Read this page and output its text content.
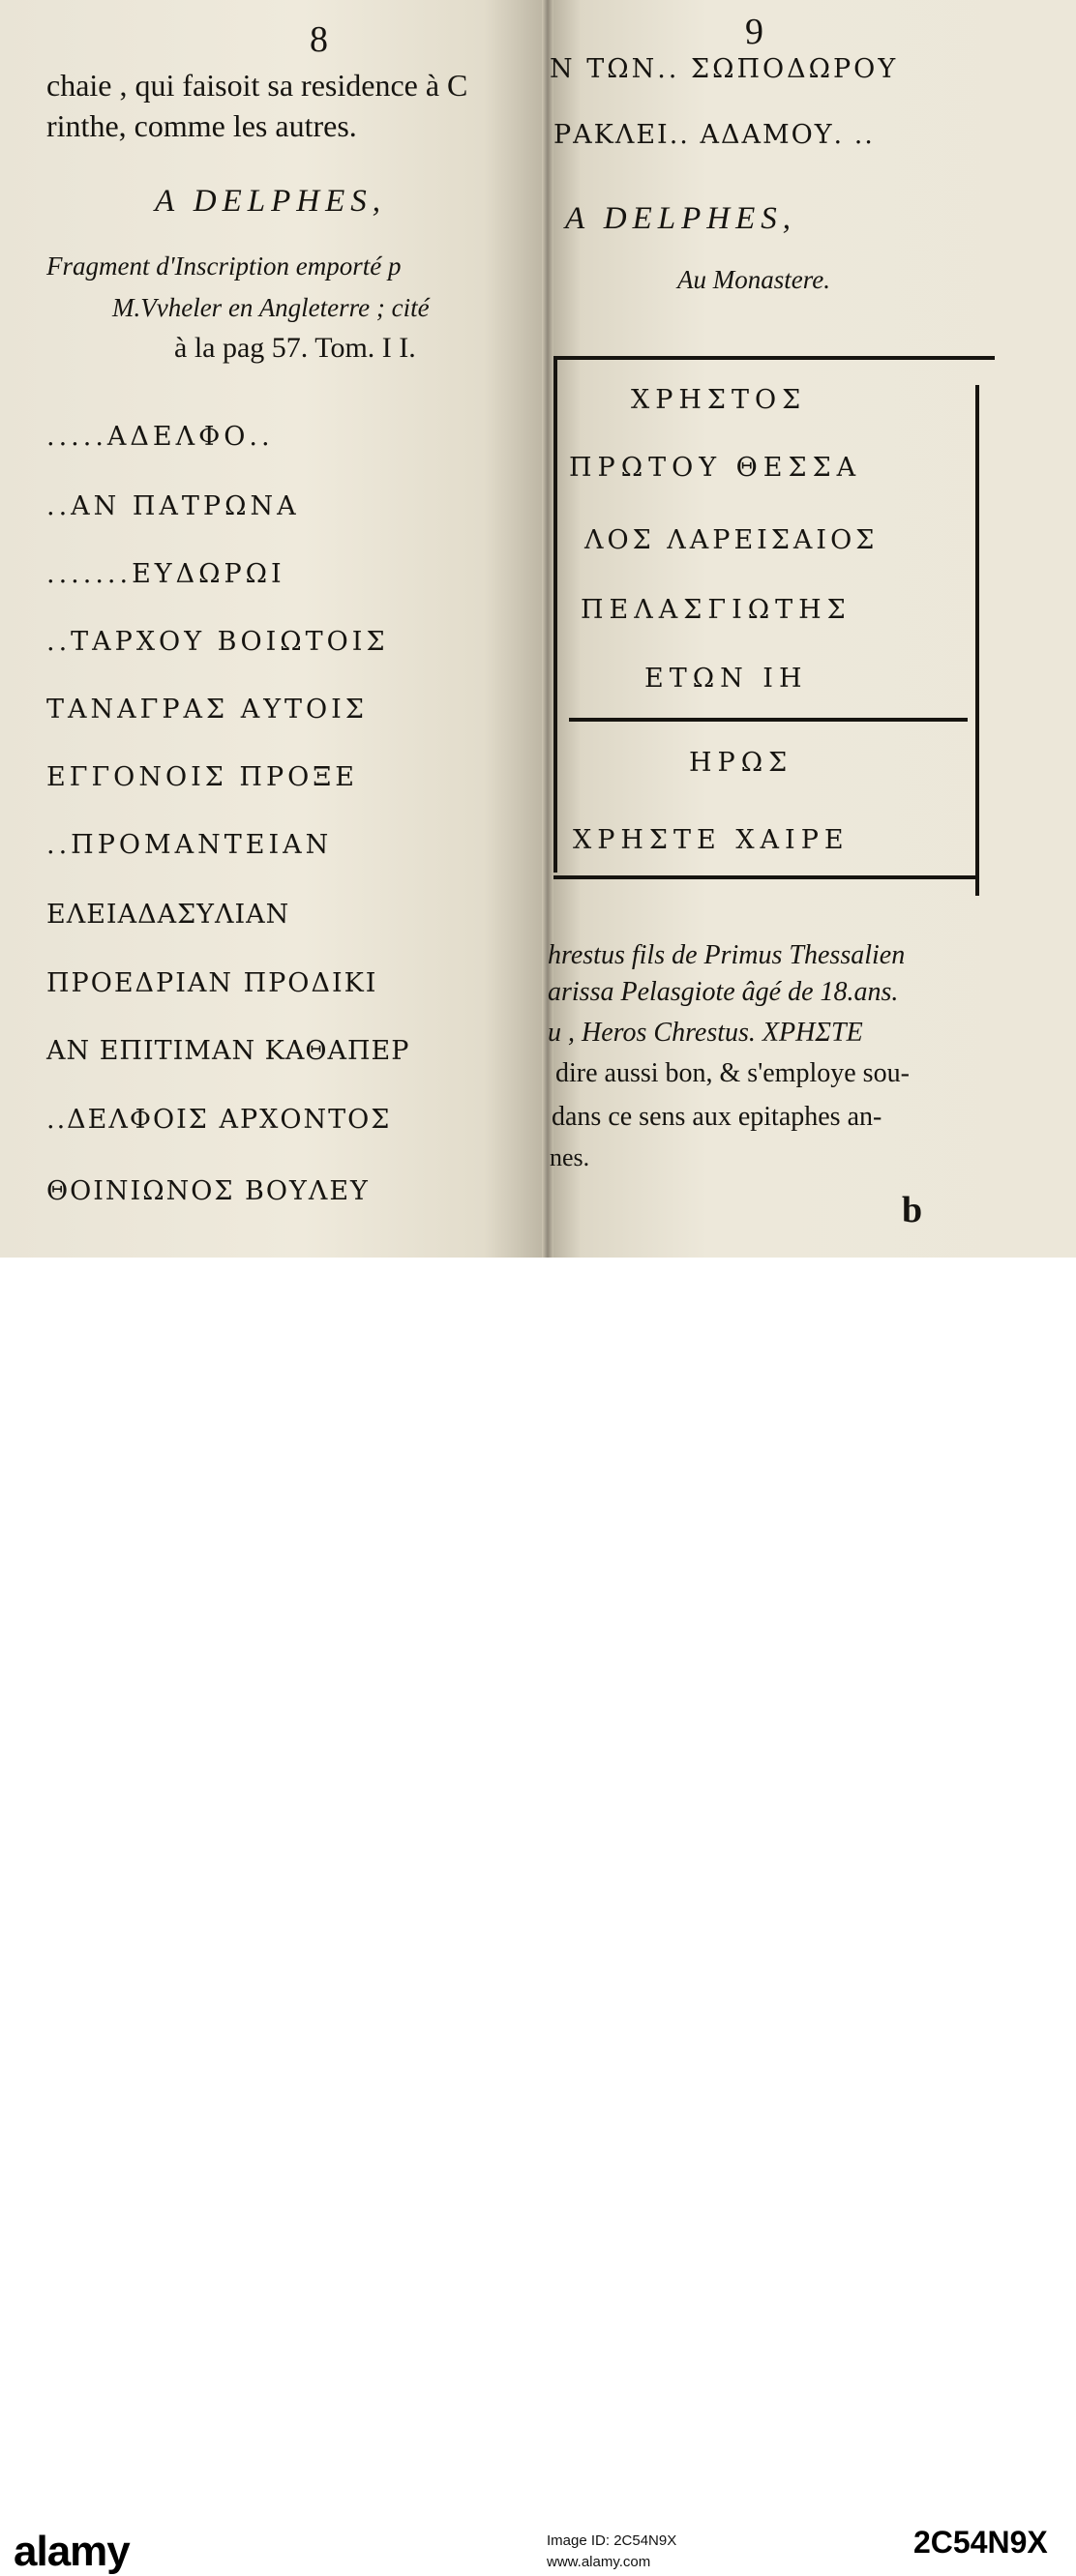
8
chaie , qui faisoit sa residence à C
rinthe, comme les autres.
A DELPHES,
Fragment d'Inscription emporté p
M.Vvheler en Angleterre ; cité
à la pag 57. Tom. I I.
.....ΑΔΕΛΦΟ..
..ΑΝ ΠΑΤΡΩΝΑ
.......ΕΥΔΩΡΩΙ
..ΤΑΡΧΟΥ ΒΟΙΩΤΟΙΣ
ΤΑΝΑΓΡΑΣ ΑΥΤΟΙΣ
ΕΓΓΟΝΟΙΣ ΠΡΟΞΕ
..ΠΡΟΜΑΝΤΕΙΑΝ
ΕΛΕΙΑΔΑΣΥΛΙΑΝ
ΠΡΟΕΔΡΙΑΝ ΠΡΟΔΙΚΙ
ΑΝ ΕΠΙΤΙΜΑΝ ΚΑΘΑΠΕΡ
..ΔΕΛΦΟΙΣ ΑΡΧΟΝΤΟΣ
ΘΟΙΝΙΩΝΟΣ ΒΟΥΛΕΥ
9
Ν ΤΩΝ.. ΣΩΠΟΔΩΡΟΥ
ΡΑΚΛΕΙ.. ΑΔΑΜΟΥ. ..
A DELPHES,
Au Monastere.
ΧΡΗΣΤΟΣ
ΠΡΩΤΟΥ ΘΕΣΣΑ
ΛΟΣ ΛΑΡΕΙΣΑΙΟΣ
ΠΕΛΑΣΓΙΩΤΗΣ
ΕΤΩΝ ΙΗ
ΗΡΩΣ
ΧΡΗΣΤΕ ΧΑΙΡΕ
hrestus fils de Primus Thessalien
arissa Pelasgiote âgé de 18.ans.
u , Heros Chrestus. ΧΡΗΣΤΕ
dire aussi bon, & s'employe sou-
dans ce sens aux epitaphes an-
nes.
b
alamy	Image ID: 2C54N9X
www.alamy.com
2C54N9X
